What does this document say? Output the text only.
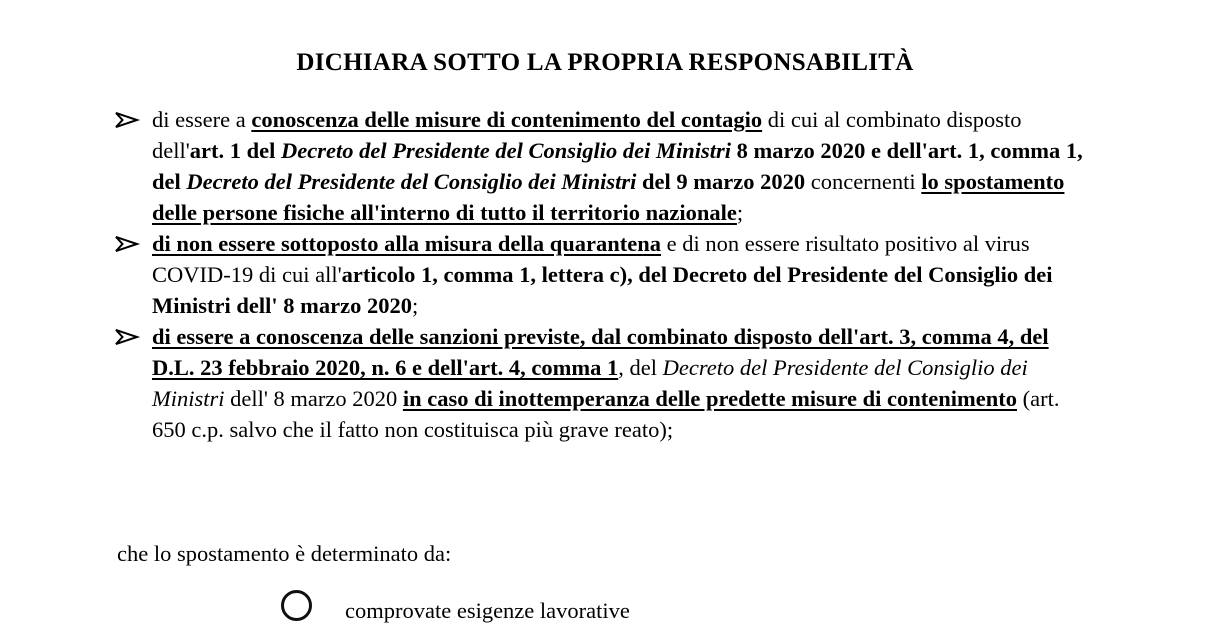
DICHIARA SOTTO LA PROPRIA RESPONSABILITÀ
di essere a conoscenza delle misure di contenimento del contagio di cui al combinato disposto dell'art. 1 del Decreto del Presidente del Consiglio dei Ministri 8 marzo 2020 e dell'art. 1, comma 1, del Decreto del Presidente del Consiglio dei Ministri del 9 marzo 2020 concernenti lo spostamento delle persone fisiche all'interno di tutto il territorio nazionale;
di non essere sottoposto alla misura della quarantena e di non essere risultato positivo al virus COVID-19 di cui all'articolo 1, comma 1, lettera c), del Decreto del Presidente del Consiglio dei Ministri dell' 8 marzo 2020;
di essere a conoscenza delle sanzioni previste, dal combinato disposto dell'art. 3, comma 4, del D.L. 23 febbraio 2020, n. 6 e dell'art. 4, comma 1, del Decreto del Presidente del Consiglio dei Ministri dell' 8 marzo 2020 in caso di inottemperanza delle predette misure di contenimento (art. 650 c.p. salvo che il fatto non costituisca più grave reato);
che lo spostamento è determinato da:
comprovate esigenze lavorative
